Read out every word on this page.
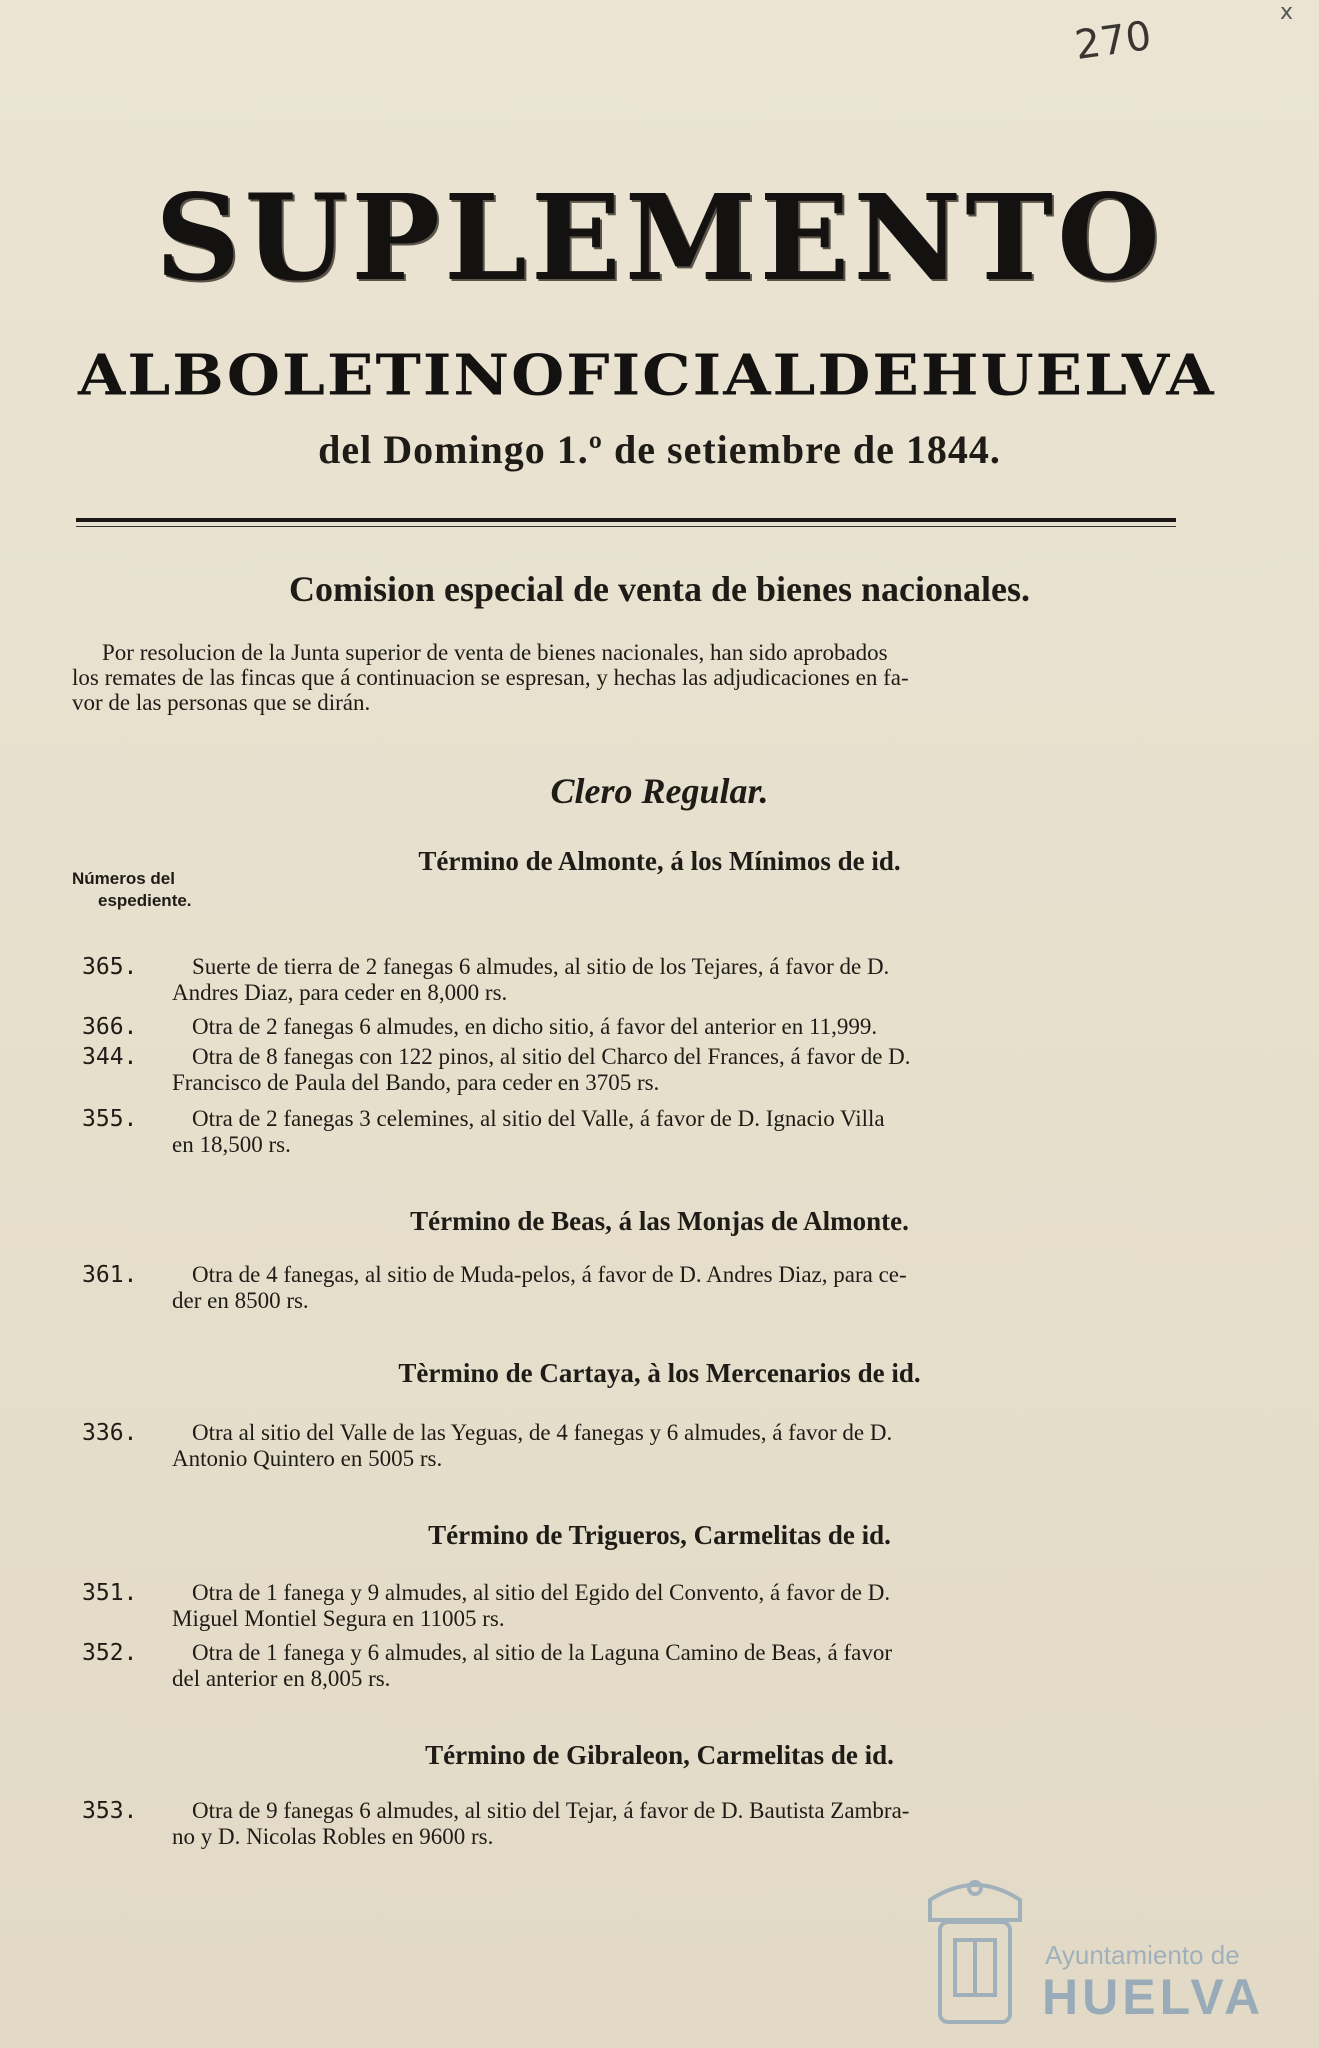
270
x
SUPLEMENTO
AL BOLETIN OFICIAL DE HUELVA
del Domingo 1.º de setiembre de 1844.
Comision especial de venta de bienes nacionales.
Por resolucion de la Junta superior de venta de bienes nacionales, han sido aprobados
los remates de las fincas que á continuacion se espresan, y hechas las adjudicaciones en fa-
vor de las personas que se dirán.
Clero Regular.
Números del
espediente.
Término de Almonte, á los Mínimos de id.
365. Suerte de tierra de 2 fanegas 6 almudes, al sitio de los Tejares, á favor de D.
Andres Diaz, para ceder en 8,000 rs.
366. Otra de 2 fanegas 6 almudes, en dicho sitio, á favor del anterior en 11,999.
344. Otra de 8 fanegas con 122 pinos, al sitio del Charco del Frances, á favor de D.
Francisco de Paula del Bando, para ceder en 3705 rs.
355. Otra de 2 fanegas 3 celemines, al sitio del Valle, á favor de D. Ignacio Villa
en 18,500 rs.
Término de Beas, á las Monjas de Almonte.
361. Otra de 4 fanegas, al sitio de Muda-pelos, á favor de D. Andres Diaz, para ce-
der en 8500 rs.
Tèrmino de Cartaya, à los Mercenarios de id.
336. Otra al sitio del Valle de las Yeguas, de 4 fanegas y 6 almudes, á favor de D.
Antonio Quintero en 5005 rs.
Término de Trigueros, Carmelitas de id.
351. Otra de 1 fanega y 9 almudes, al sitio del Egido del Convento, á favor de D.
Miguel Montiel Segura en 11005 rs.
352. Otra de 1 fanega y 6 almudes, al sitio de la Laguna Camino de Beas, á favor
del anterior en 8,005 rs.
Término de Gibraleon, Carmelitas de id.
353. Otra de 9 fanegas 6 almudes, al sitio del Tejar, á favor de D. Bautista Zambra-
no y D. Nicolas Robles en 9600 rs.
Ayuntamiento de
HUELVA
